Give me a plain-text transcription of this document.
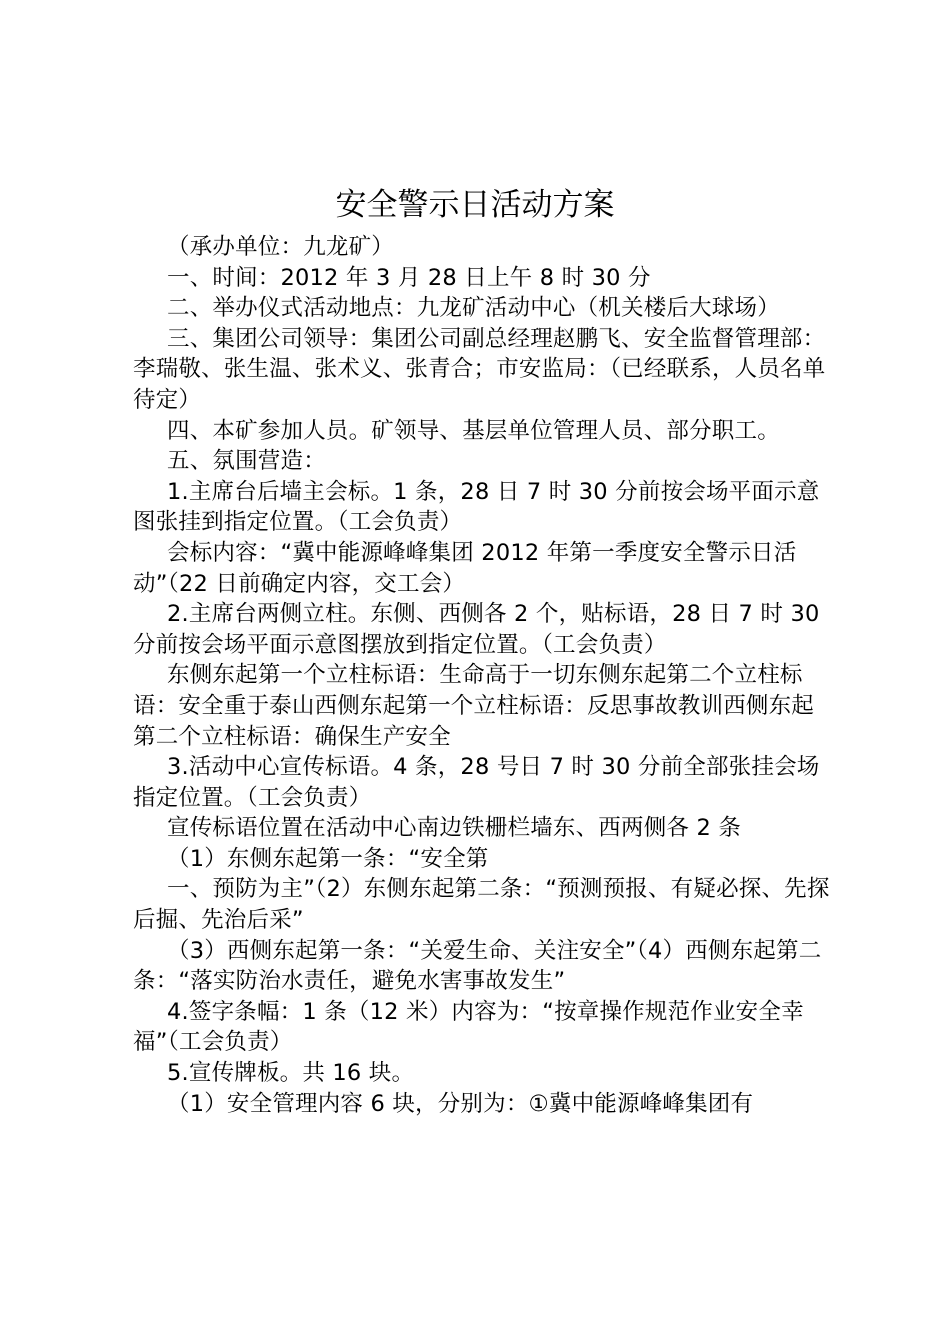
安全警示日活动方案

（承办单位：九龙矿）

一、时间：2012 年 3 月 28 日上午 8 时 30 分

二、举办仪式活动地点：九龙矿活动中心（机关楼后大球场）

三、集团公司领导：集团公司副总经理赵鹏飞、安全监督管理部：李瑞敬、张生温、张术义、张青合；市安监局：（已经联系，人员名单待定）

四、本矿参加人员。矿领导、基层单位管理人员、部分职工。

五、氛围营造：

1.主席台后墙主会标。1 条，28 日 7 时 30 分前按会场平面示意图张挂到指定位置。（工会负责）

会标内容：“冀中能源峰峰集团 2012 年第一季度安全警示日活动”（22 日前确定内容，交工会）

2.主席台两侧立柱。东侧、西侧各 2 个，贴标语，28 日 7 时 30 分前按会场平面示意图摆放到指定位置。（工会负责）

东侧东起第一个立柱标语：生命高于一切东侧东起第二个立柱标语：安全重于泰山西侧东起第一个立柱标语：反思事故教训西侧东起第二个立柱标语：确保生产安全

3.活动中心宣传标语。4 条，28 号日 7 时 30 分前全部张挂会场指定位置。（工会负责）

宣传标语位置在活动中心南边铁栅栏墙东、西两侧各 2 条

（1）东侧东起第一条：“安全第

一、预防为主”（2）东侧东起第二条：“预测预报、有疑必探、先探后掘、先治后采”

（3）西侧东起第一条：“关爱生命、关注安全”（4）西侧东起第二条：“落实防治水责任，避免水害事故发生”

4.签字条幅：1 条（12 米）内容为：“按章操作规范作业安全幸福”（工会负责）

5.宣传牌板。共 16 块。

（1）安全管理内容 6 块，分别为：①冀中能源峰峰集团有
